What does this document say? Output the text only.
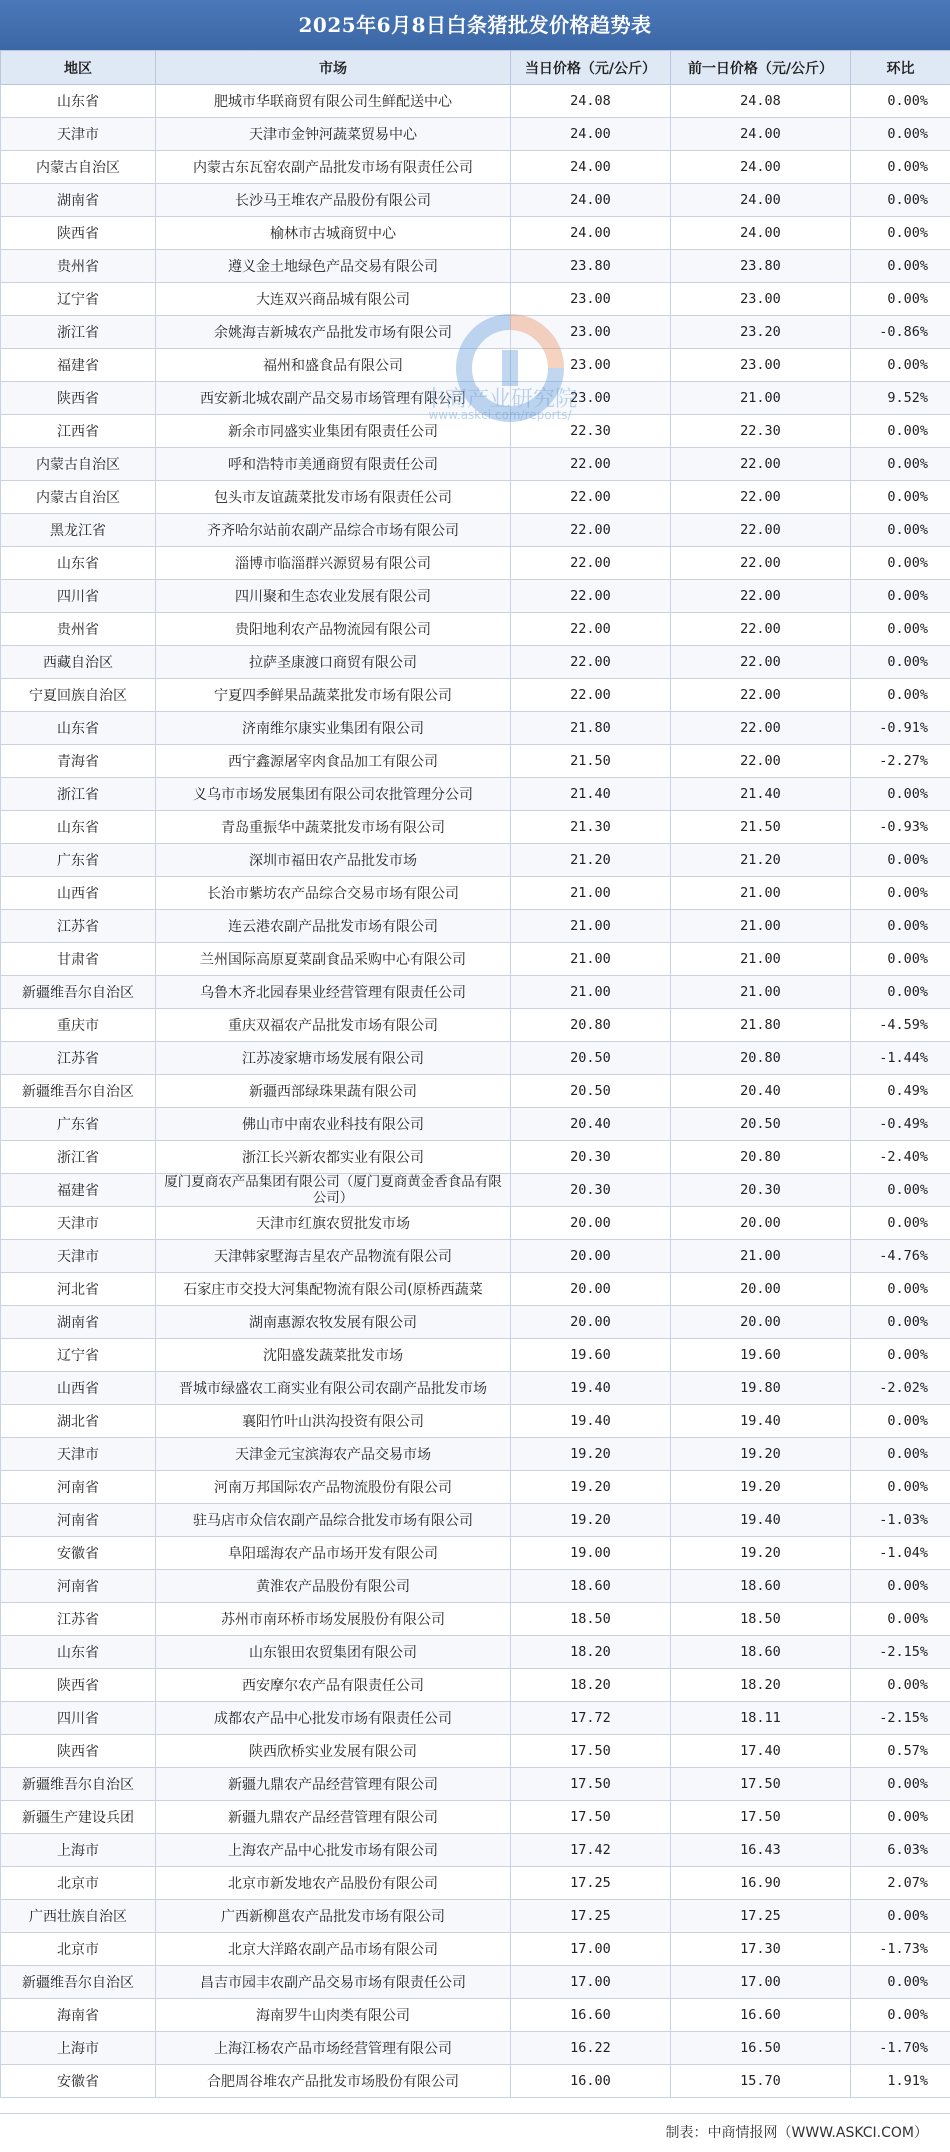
2025年6月8日白条猪批发价格趋势表
地区	市场	当日价格（元/公斤）	前一日价格（元/公斤）	环比
山东省	肥城市华联商贸有限公司生鲜配送中心	24.08	24.08	0.00%
天津市	天津市金钟河蔬菜贸易中心	24.00	24.00	0.00%
内蒙古自治区	内蒙古东瓦窑农副产品批发市场有限责任公司	24.00	24.00	0.00%
湖南省	长沙马王堆农产品股份有限公司	24.00	24.00	0.00%
陕西省	榆林市古城商贸中心	24.00	24.00	0.00%
贵州省	遵义金土地绿色产品交易有限公司	23.80	23.80	0.00%
辽宁省	大连双兴商品城有限公司	23.00	23.00	0.00%
浙江省	余姚海吉新城农产品批发市场有限公司	23.00	23.20	-0.86%
福建省	福州和盛食品有限公司	23.00	23.00	0.00%
陕西省	西安新北城农副产品交易市场管理有限公司	23.00	21.00	9.52%
江西省	新余市同盛实业集团有限责任公司	22.30	22.30	0.00%
内蒙古自治区	呼和浩特市美通商贸有限责任公司	22.00	22.00	0.00%
内蒙古自治区	包头市友谊蔬菜批发市场有限责任公司	22.00	22.00	0.00%
黑龙江省	齐齐哈尔站前农副产品综合市场有限公司	22.00	22.00	0.00%
山东省	淄博市临淄群兴源贸易有限公司	22.00	22.00	0.00%
四川省	四川聚和生态农业发展有限公司	22.00	22.00	0.00%
贵州省	贵阳地利农产品物流园有限公司	22.00	22.00	0.00%
西藏自治区	拉萨圣康渡口商贸有限公司	22.00	22.00	0.00%
宁夏回族自治区	宁夏四季鲜果品蔬菜批发市场有限公司	22.00	22.00	0.00%
山东省	济南维尔康实业集团有限公司	21.80	22.00	-0.91%
青海省	西宁鑫源屠宰肉食品加工有限公司	21.50	22.00	-2.27%
浙江省	义乌市市场发展集团有限公司农批管理分公司	21.40	21.40	0.00%
山东省	青岛重振华中蔬菜批发市场有限公司	21.30	21.50	-0.93%
广东省	深圳市福田农产品批发市场	21.20	21.20	0.00%
山西省	长治市紫坊农产品综合交易市场有限公司	21.00	21.00	0.00%
江苏省	连云港农副产品批发市场有限公司	21.00	21.00	0.00%
甘肃省	兰州国际高原夏菜副食品采购中心有限公司	21.00	21.00	0.00%
新疆维吾尔自治区	乌鲁木齐北园春果业经营管理有限责任公司	21.00	21.00	0.00%
重庆市	重庆双福农产品批发市场有限公司	20.80	21.80	-4.59%
江苏省	江苏凌家塘市场发展有限公司	20.50	20.80	-1.44%
新疆维吾尔自治区	新疆西部绿珠果蔬有限公司	20.50	20.40	0.49%
广东省	佛山市中南农业科技有限公司	20.40	20.50	-0.49%
浙江省	浙江长兴新农都实业有限公司	20.30	20.80	-2.40%
福建省	厦门夏商农产品集团有限公司（厦门夏商黄金香食品有限公司）	20.30	20.30	0.00%
天津市	天津市红旗农贸批发市场	20.00	20.00	0.00%
天津市	天津韩家墅海吉星农产品物流有限公司	20.00	21.00	-4.76%
河北省	石家庄市交投大河集配物流有限公司(原桥西蔬菜	20.00	20.00	0.00%
湖南省	湖南惠源农牧发展有限公司	20.00	20.00	0.00%
辽宁省	沈阳盛发蔬菜批发市场	19.60	19.60	0.00%
山西省	晋城市绿盛农工商实业有限公司农副产品批发市场	19.40	19.80	-2.02%
湖北省	襄阳竹叶山洪沟投资有限公司	19.40	19.40	0.00%
天津市	天津金元宝滨海农产品交易市场	19.20	19.20	0.00%
河南省	河南万邦国际农产品物流股份有限公司	19.20	19.20	0.00%
河南省	驻马店市众信农副产品综合批发市场有限公司	19.20	19.40	-1.03%
安徽省	阜阳瑶海农产品市场开发有限公司	19.00	19.20	-1.04%
河南省	黄淮农产品股份有限公司	18.60	18.60	0.00%
江苏省	苏州市南环桥市场发展股份有限公司	18.50	18.50	0.00%
山东省	山东银田农贸集团有限公司	18.20	18.60	-2.15%
陕西省	西安摩尔农产品有限责任公司	18.20	18.20	0.00%
四川省	成都农产品中心批发市场有限责任公司	17.72	18.11	-2.15%
陕西省	陕西欣桥实业发展有限公司	17.50	17.40	0.57%
新疆维吾尔自治区	新疆九鼎农产品经营管理有限公司	17.50	17.50	0.00%
新疆生产建设兵团	新疆九鼎农产品经营管理有限公司	17.50	17.50	0.00%
上海市	上海农产品中心批发市场有限公司	17.42	16.43	6.03%
北京市	北京市新发地农产品股份有限公司	17.25	16.90	2.07%
广西壮族自治区	广西新柳邕农产品批发市场有限公司	17.25	17.25	0.00%
北京市	北京大洋路农副产品市场有限公司	17.00	17.30	-1.73%
新疆维吾尔自治区	昌吉市园丰农副产品交易市场有限责任公司	17.00	17.00	0.00%
海南省	海南罗牛山肉类有限公司	16.60	16.60	0.00%
上海市	上海江杨农产品市场经营管理有限公司	16.22	16.50	-1.70%
安徽省	合肥周谷堆农产品批发市场股份有限公司	16.00	15.70	1.91%
中商产业研究院
www.askci.com/reports/
制表：中商情报网（WWW.ASKCI.COM）
